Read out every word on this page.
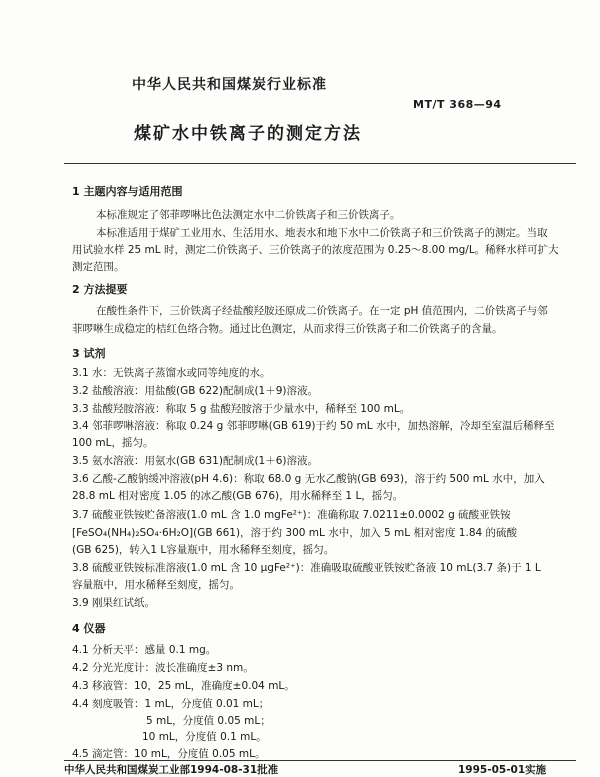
中华人民共和国煤炭行业标准
MT/T 368—94
煤矿水中铁离子的测定方法
1 主题内容与适用范围
本标准规定了邻菲啰啉比色法测定水中二价铁离子和三价铁离子。
本标准适用于煤矿工业用水、生活用水、地表水和地下水中二价铁离子和三价铁离子的测定。当取
用试验水样 25 mL 时，测定二价铁离子、三价铁离子的浓度范围为 0.25～8.00 mg/L。稀释水样可扩大
测定范围。
2 方法提要
在酸性条件下，三价铁离子经盐酸羟胺还原成二价铁离子。在一定 pH 值范围内，二价铁离子与邻
菲啰啉生成稳定的桔红色络合物。通过比色测定，从而求得三价铁离子和二价铁离子的含量。
3 试剂
3.1 水：无铁离子蒸馏水或同等纯度的水。
3.2 盐酸溶液：用盐酸(GB 622)配制成(1＋9)溶液。
3.3 盐酸羟胺溶液：称取 5 g 盐酸羟胺溶于少量水中，稀释至 100 mL。
3.4 邻菲啰啉溶液：称取 0.24 g 邻菲啰啉(GB 619)于约 50 mL 水中，加热溶解，冷却至室温后稀释至
100 mL，摇匀。
3.5 氨水溶液：用氨水(GB 631)配制成(1＋6)溶液。
3.6 乙酸-乙酸钠缓冲溶液(pH 4.6)：称取 68.0 g 无水乙酸钠(GB 693)，溶于约 500 mL 水中，加入
28.8 mL 相对密度 1.05 的冰乙酸(GB 676)，用水稀释至 1 L，摇匀。
3.7 硫酸亚铁铵贮备溶液(1.0 mL 含 1.0 mgFe²⁺)：准确称取 7.0211±0.0002 g 硫酸亚铁铵
[FeSO₄(NH₄)₂SO₄·6H₂O](GB 661)，溶于约 300 mL 水中，加入 5 mL 相对密度 1.84 的硫酸
(GB 625)，转入1 L容量瓶中，用水稀释至刻度，摇匀。
3.8 硫酸亚铁铵标准溶液(1.0 mL 含 10 μgFe²⁺)：准确吸取硫酸亚铁铵贮备液 10 mL(3.7 条)于 1 L
容量瓶中，用水稀释至刻度，摇匀。
3.9 刚果红试纸。
4 仪器
4.1 分析天平：感量 0.1 mg。
4.2 分光光度计：波长准确度±3 nm。
4.3 移液管：10，25 mL，准确度±0.04 mL。
4.4 刻度吸管：1 mL，分度值 0.01 mL；
5 mL，分度值 0.05 mL；
10 mL，分度值 0.1 mL。
4.5 滴定管：10 mL，分度值 0.05 mL。
中华人民共和国煤炭工业部1994-08-31批准	1995-05-01实施
